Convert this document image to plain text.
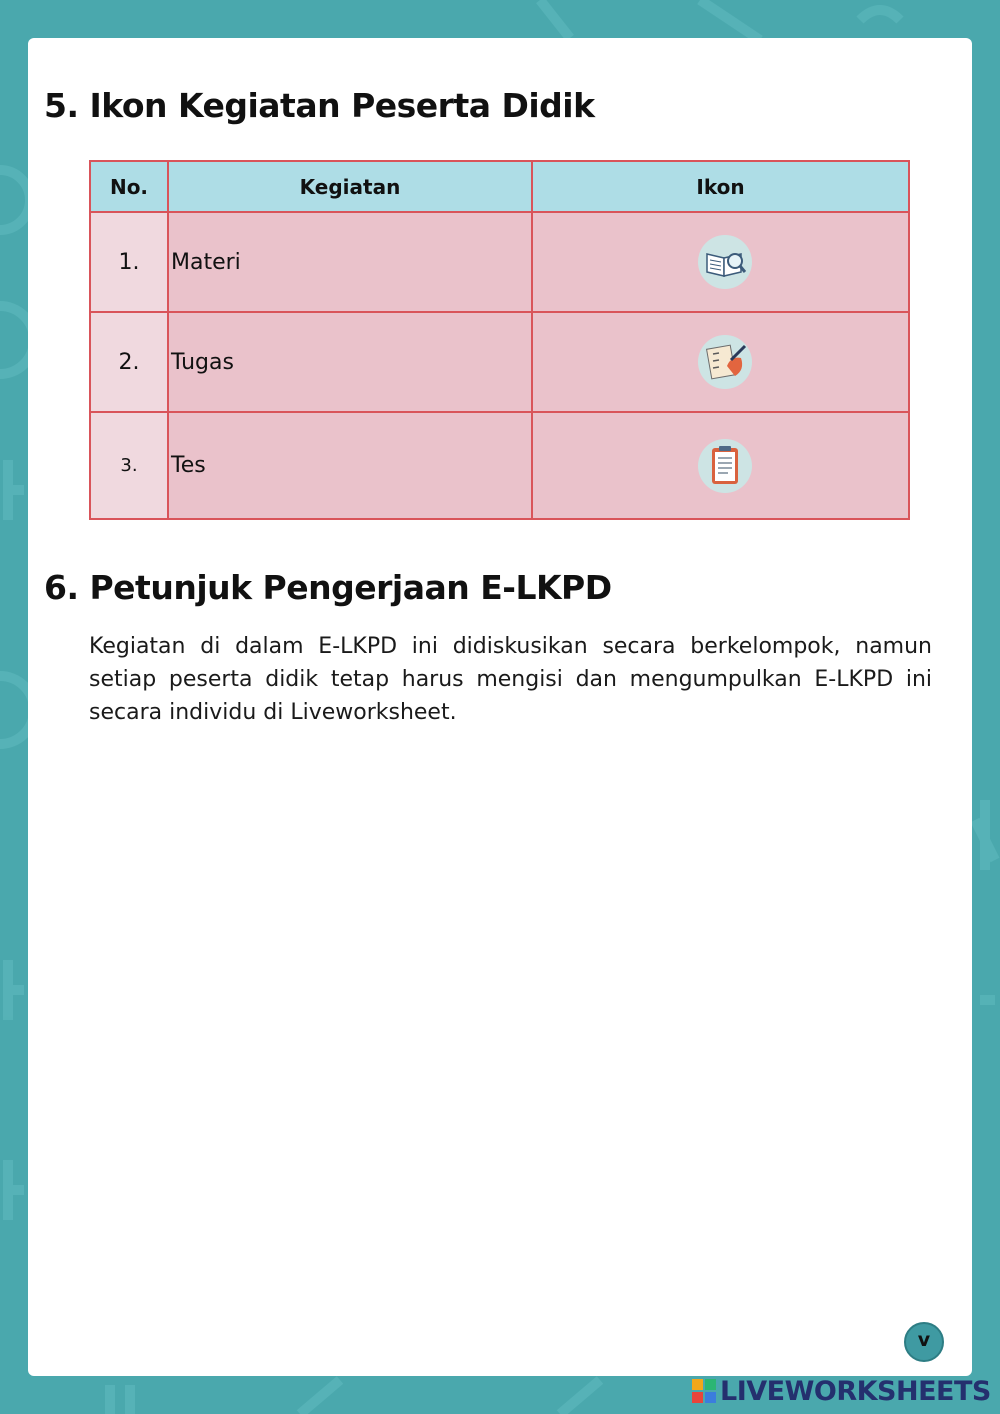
5. Ikon Kegiatan Peserta Didik
No.	Kegiatan	Ikon
1.	Materi	
2.	Tugas	
3.	Tes	
6. Petunjuk Pengerjaan E-LKPD

Kegiatan di dalam E-LKPD ini didiskusikan secara berkelompok, namun setiap peserta didik tetap harus mengisi dan mengumpulkan E-LKPD ini secara individu di Liveworksheet.

v
LIVEWORKSHEETS
